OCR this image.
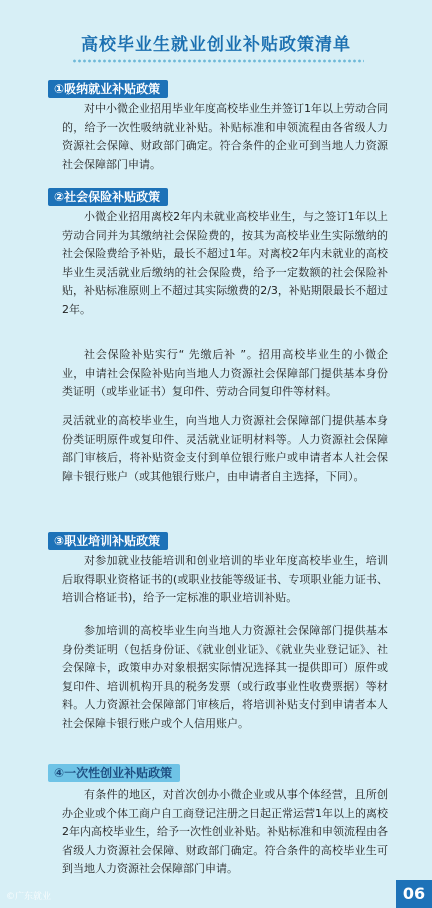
高校毕业生就业创业补贴政策清单
①吸纳就业补贴政策

对中小微企业招用毕业年度高校毕业生并签订1年以上劳动合同的，给予一次性吸纳就业补贴。补贴标准和申领流程由各省级人力资源社会保障、财政部门确定。符合条件的企业可到当地人力资源社会保障部门申请。

②社会保险补贴政策

小微企业招用离校2年内未就业高校毕业生，与之签订1年以上劳动合同并为其缴纳社会保险费的，按其为高校毕业生实际缴纳的社会保险费给予补贴，最长不超过1年。对离校2年内未就业的高校毕业生灵活就业后缴纳的社会保险费，给予一定数额的社会保险补贴，补贴标准原则上不超过其实际缴费的2/3，补贴期限最长不超过2年。

社会保险补贴实行“ 先缴后补 ”。招用高校毕业生的小微企业，申请社会保险补贴向当地人力资源社会保障部门提供基本身份类证明（或毕业证书）复印件、劳动合同复印件等材料。

灵活就业的高校毕业生，向当地人力资源社会保障部门提供基本身份类证明原件或复印件、灵活就业证明材料等。人力资源社会保障部门审核后，将补贴资金支付到单位银行账户或申请者本人社会保障卡银行账户（或其他银行账户，由申请者自主选择，下同）。

③职业培训补贴政策

对参加就业技能培训和创业培训的毕业年度高校毕业生，培训后取得职业资格证书的(或职业技能等级证书、专项职业能力证书、培训合格证书)，给予一定标准的职业培训补贴。

参加培训的高校毕业生向当地人力资源社会保障部门提供基本身份类证明（包括身份证、《就业创业证》、《就业失业登记证》、社会保障卡，政策申办对象根据实际情况选择其一提供即可）原件或复印件、培训机构开具的税务发票（或行政事业性收费票据）等材料。人力资源社会保障部门审核后，将培训补贴支付到申请者本人社会保障卡银行账户或个人信用账户。

④一次性创业补贴政策

有条件的地区，对首次创办小微企业或从事个体经营，且所创办企业或个体工商户自工商登记注册之日起正常运营1年以上的离校2年内高校毕业生，给予一次性创业补贴。补贴标准和申领流程由各省级人力资源社会保障、财政部门确定。符合条件的高校毕业生可到当地人力资源社会保障部门申请。

©广东就业	06
